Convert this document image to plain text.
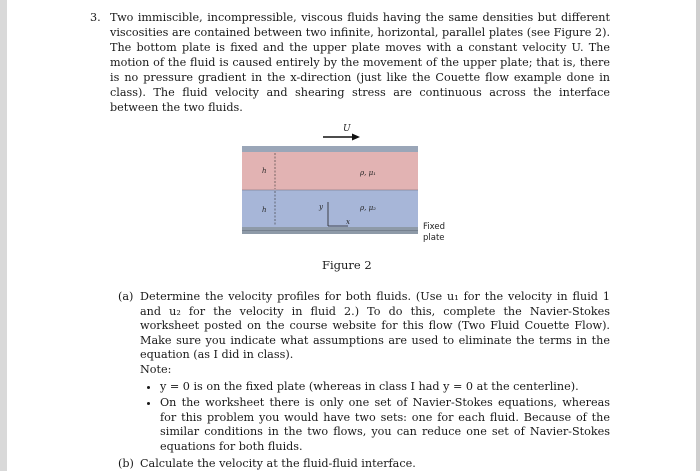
3. Two immiscible, incompressible, viscous fluids having the same densities but different viscosities are contained between two infinite, horizontal, parallel plates (see Figure 2). The bottom plate is fixed and the upper plate moves with a constant velocity U. The motion of the fluid is caused entirely by the movement of the upper plate; that is, there is no pressure gradient in the x-direction (just like the Couette flow example done in class). The fluid velocity and shearing stress are continuous across the interface between the two fluids.
U
h
h
ρ, μ₁
ρ, μ₂
y
x	Fixed
plate
Figure 2
(a) Determine the velocity profiles for both fluids. (Use u₁ for the velocity in fluid 1 and u₂ for the velocity in fluid 2.) To do this, complete the Navier-Stokes worksheet posted on the course website for this flow (Two Fluid Couette Flow). Make sure you indicate what assumptions are used to eliminate the terms in the equation (as I did in class).
Note:
• y = 0 is on the fixed plate (whereas in class I had y = 0 at the centerline).
• On the worksheet there is only one set of Navier-Stokes equations, whereas for this problem you would have two sets: one for each fluid. Because of the similar conditions in the two flows, you can reduce one set of Navier-Stokes equations for both fluids.
(b) Calculate the velocity at the fluid-fluid interface.
